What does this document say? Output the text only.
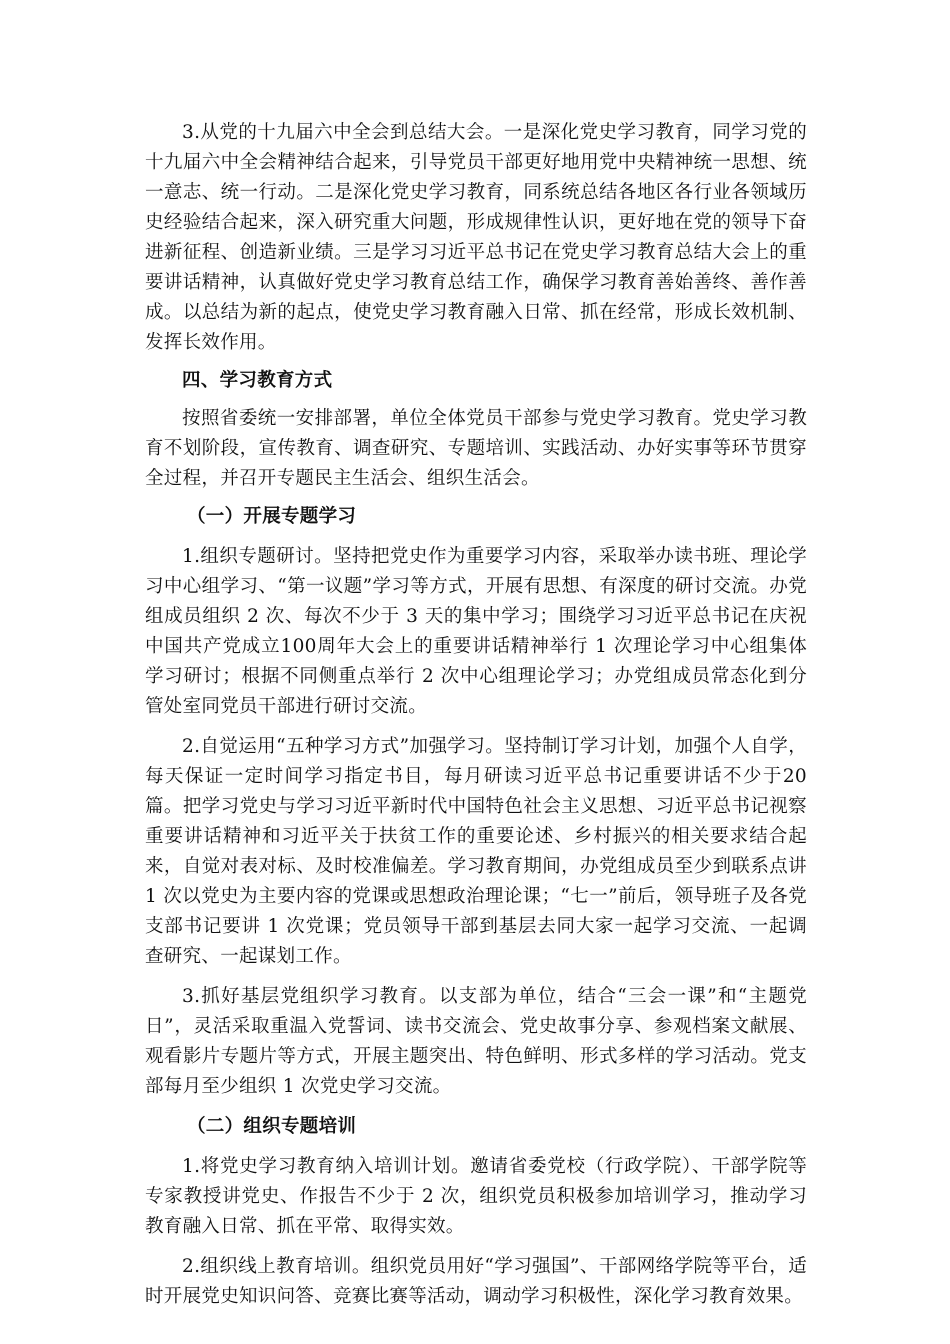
3.从党的十九届六中全会到总结大会。一是深化党史学习教育，同学习党的十九届六中全会精神结合起来，引导党员干部更好地用党中央精神统一思想、统一意志、统一行动。二是深化党史学习教育，同系统总结各地区各行业各领域历史经验结合起来，深入研究重大问题，形成规律性认识，更好地在党的领导下奋进新征程、创造新业绩。三是学习习近平总书记在党史学习教育总结大会上的重要讲话精神，认真做好党史学习教育总结工作，确保学习教育善始善终、善作善成。以总结为新的起点，使党史学习教育融入日常、抓在经常，形成长效机制、发挥长效作用。

四、学习教育方式

按照省委统一安排部署，单位全体党员干部参与党史学习教育。党史学习教育不划阶段，宣传教育、调查研究、专题培训、实践活动、办好实事等环节贯穿全过程，并召开专题民主生活会、组织生活会。

（一）开展专题学习

1.组织专题研讨。坚持把党史作为重要学习内容，采取举办读书班、理论学习中心组学习、“第一议题”学习等方式，开展有思想、有深度的研讨交流。办党组成员组织 2 次、每次不少于 3 天的集中学习；围绕学习习近平总书记在庆祝中国共产党成立100周年大会上的重要讲话精神举行 1 次理论学习中心组集体学习研讨；根据不同侧重点举行 2 次中心组理论学习；办党组成员常态化到分管处室同党员干部进行研讨交流。

2.自觉运用“五种学习方式”加强学习。坚持制订学习计划，加强个人自学，每天保证一定时间学习指定书目，每月研读习近平总书记重要讲话不少于20篇。把学习党史与学习习近平新时代中国特色社会主义思想、习近平总书记视察重要讲话精神和习近平关于扶贫工作的重要论述、乡村振兴的相关要求结合起来，自觉对表对标、及时校准偏差。学习教育期间，办党组成员至少到联系点讲 1 次以党史为主要内容的党课或思想政治理论课；“七一”前后，领导班子及各党支部书记要讲 1 次党课；党员领导干部到基层去同大家一起学习交流、一起调查研究、一起谋划工作。

3.抓好基层党组织学习教育。以支部为单位，结合“三会一课”和“主题党日”，灵活采取重温入党誓词、读书交流会、党史故事分享、参观档案文献展、观看影片专题片等方式，开展主题突出、特色鲜明、形式多样的学习活动。党支部每月至少组织 1 次党史学习交流。

（二）组织专题培训

1.将党史学习教育纳入培训计划。邀请省委党校（行政学院）、干部学院等专家教授讲党史、作报告不少于 2 次，组织党员积极参加培训学习，推动学习教育融入日常、抓在平常、取得实效。

2.组织线上教育培训。组织党员用好“学习强国”、干部网络学院等平台，适时开展党史知识问答、竞赛比赛等活动，调动学习积极性，深化学习教育效果。
